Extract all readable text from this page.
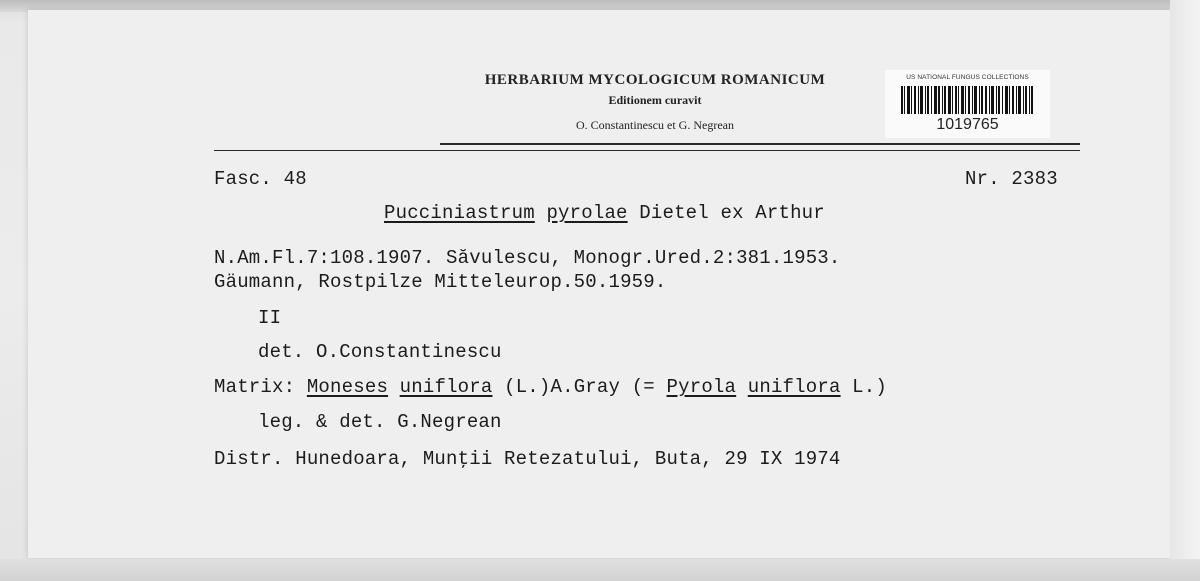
HERBARIUM MYCOLOGICUM ROMANICUM
Editionem curavit
O. Constantinescu et G. Negrean
US NATIONAL FUNGUS COLLECTIONS
1019765
Fasc. 48	Nr. 2383
Pucciniastrum pyrolae Dietel ex Arthur
N.Am.Fl.7:108.1907. Săvulescu, Monogr.Ured.2:381.1953.
Gäumann, Rostpilze Mitteleurop.50.1959.
II
det. O.Constantinescu
Matrix: Moneses uniflora (L.)A.Gray (= Pyrola uniflora L.)
leg. & det. G.Negrean
Distr. Hunedoara, Munţii Retezatului, Buta, 29 IX 1974
